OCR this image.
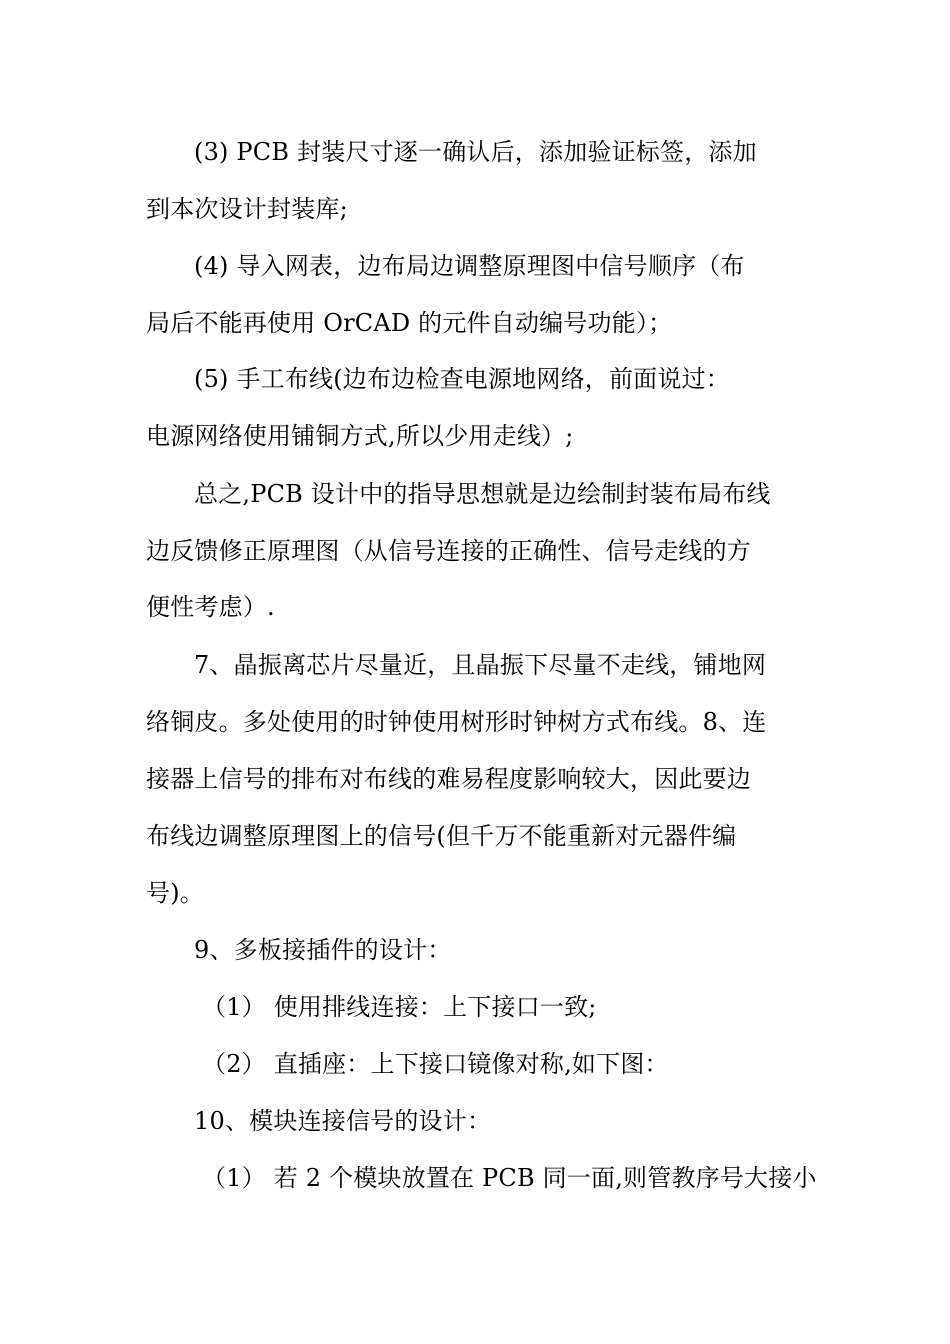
(3) PCB 封装尺寸逐一确认后，添加验证标签，添加
到本次设计封装库;
(4) 导入网表，边布局边调整原理图中信号顺序（布
局后不能再使用 OrCAD 的元件自动编号功能）；
(5) 手工布线(边布边检查电源地网络，前面说过：
电源网络使用铺铜方式,所以少用走线）;
总之,PCB 设计中的指导思想就是边绘制封装布局布线
边反馈修正原理图（从信号连接的正确性、信号走线的方
便性考虑）.
7、晶振离芯片尽量近，且晶振下尽量不走线，铺地网
络铜皮。多处使用的时钟使用树形时钟树方式布线。8、连
接器上信号的排布对布线的难易程度影响较大，因此要边
布线边调整原理图上的信号(但千万不能重新对元器件编
号)。
9、多板接插件的设计：
（1） 使用排线连接：上下接口一致;
（2） 直插座：上下接口镜像对称,如下图：
10、模块连接信号的设计：
（1） 若 2 个模块放置在 PCB 同一面,则管教序号大接小
